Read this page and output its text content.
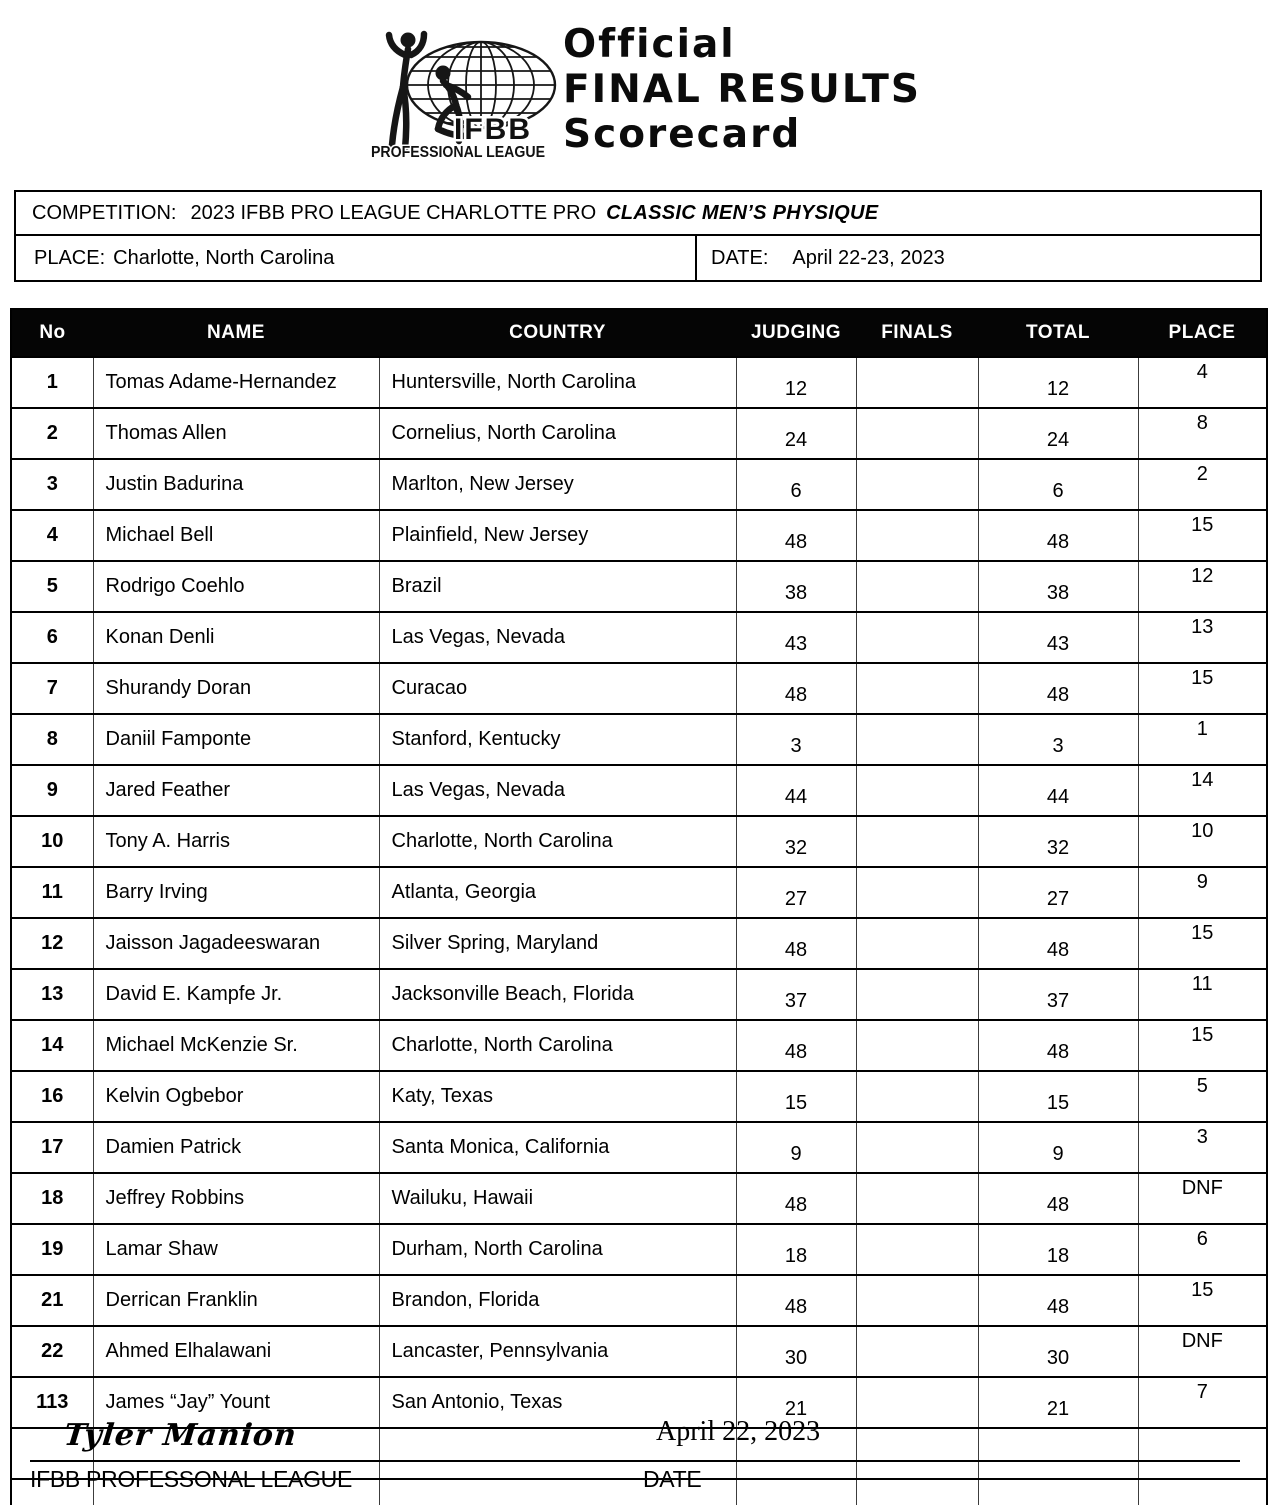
IFBB
PROFESSIONAL LEAGUE
Official
FINAL RESULTS
Scorecard
COMPETITION: 2023 IFBB PRO LEAGUE CHARLOTTE PRO CLASSIC MEN’S PHYSIQUE
PLACE: Charlotte, North Carolina	DATE: April 22-23, 2023
No	NAME	COUNTRY	JUDGING	FINALS	TOTAL	PLACE
1	Tomas Adame-Hernandez	Huntersville, North Carolina	12		12	4
2	Thomas Allen	Cornelius, North Carolina	24		24	8
3	Justin Badurina	Marlton, New Jersey	6		6	2
4	Michael Bell	Plainfield, New Jersey	48		48	15
5	Rodrigo Coehlo	Brazil	38		38	12
6	Konan Denli	Las Vegas, Nevada	43		43	13
7	Shurandy Doran	Curacao	48		48	15
8	Daniil Famponte	Stanford, Kentucky	3		3	1
9	Jared Feather	Las Vegas, Nevada	44		44	14
10	Tony A. Harris	Charlotte, North Carolina	32		32	10
11	Barry Irving	Atlanta, Georgia	27		27	9
12	Jaisson Jagadeeswaran	Silver Spring, Maryland	48		48	15
13	David E. Kampfe Jr.	Jacksonville Beach, Florida	37		37	11
14	Michael McKenzie Sr.	Charlotte, North Carolina	48		48	15
16	Kelvin Ogbebor	Katy, Texas	15		15	5
17	Damien Patrick	Santa Monica, California	9		9	3
18	Jeffrey Robbins	Wailuku, Hawaii	48		48	DNF
19	Lamar Shaw	Durham, North Carolina	18		18	6
21	Derrican Franklin	Brandon, Florida	48		48	15
22	Ahmed Elhalawani	Lancaster, Pennsylvania	30		30	DNF
113	James “Jay” Yount	San Antonio, Texas	21		21	7

Tyler Manion
IFBB PROFESSONAL LEAGUE
April 22, 2023
DATE
